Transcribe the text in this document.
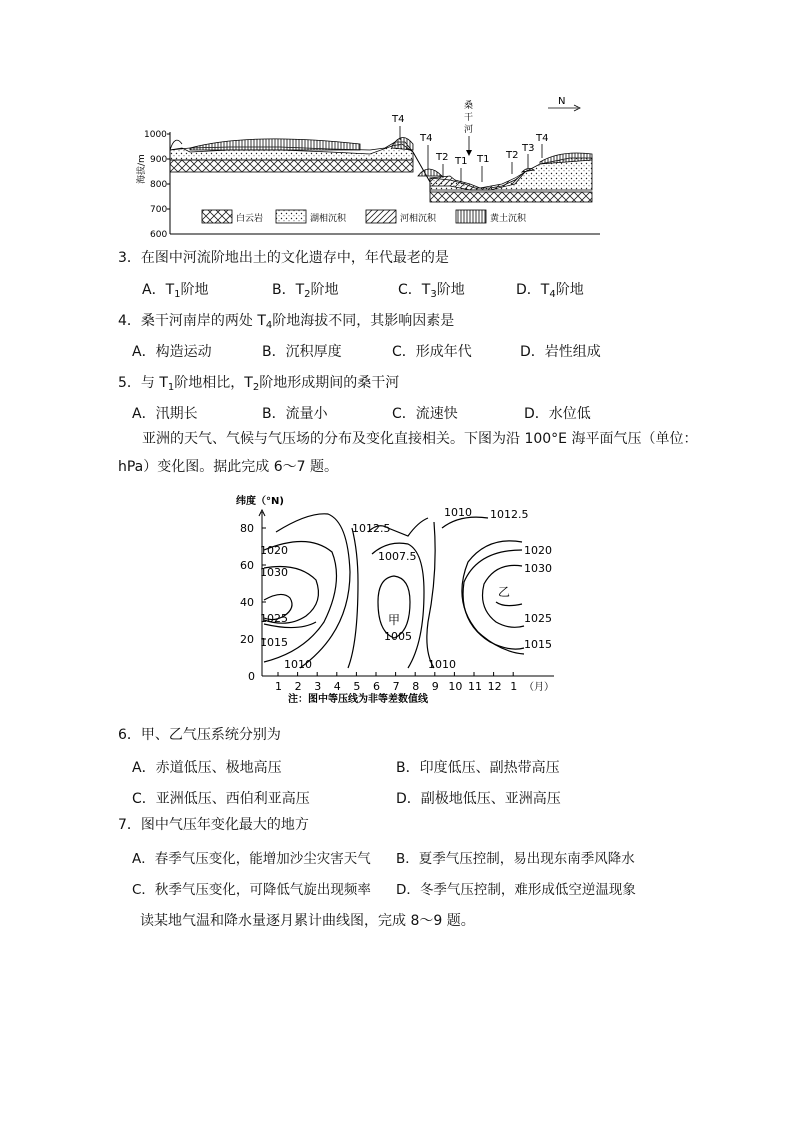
1000
900
800
700
600
海拔/m
T4
T4
T2 T1 T1 T2
T3
T4
桑
干
河
N
白云岩	湖相沉积	河相沉积	黄土沉积
3．在图中河流阶地出土的文化遗存中，年代最老的是
A．$T_1$阶地	B．$T_2$阶地	C．$T_3$阶地	D．$T_4$阶地
4．桑干河南岸的两处 $T_4$阶地海拔不同，其影响因素是
A．构造运动	B．沉积厚度	C．形成年代	D．岩性组成
5．与 $T_1$阶地相比，$T_2$阶地形成期间的桑干河
A．汛期长	B．流量小	C．流速快	D．水位低
亚洲的天气、气候与气压场的分布及变化直接相关。下图为沿 100°E 海平面气压（单位：
hPa）变化图。据此完成 6～7 题。
纬度（°N)
80
60
40
20
0
1 2 3 4 5 6 7 8 9 10 11 12 1 （月）
1010
1012.5
1012.5
1020
1030
1007.5	1020
1030
1025
1015
1010
1005
1025
1015
1010
甲
乙
注：图中等压线为非等差数值线
6．甲、乙气压系统分别为
A．赤道低压、极地高压	B．印度低压、副热带高压
C．亚洲低压、西伯利亚高压	D．副极地低压、亚洲高压
7．图中气压年变化最大的地方
A．春季气压变化，能增加沙尘灾害天气 B．夏季气压控制，易出现东南季风降水
C．秋季气压变化，可降低气旋出现频率 D．冬季气压控制，难形成低空逆温现象
读某地气温和降水量逐月累计曲线图，完成 8～9 题。
